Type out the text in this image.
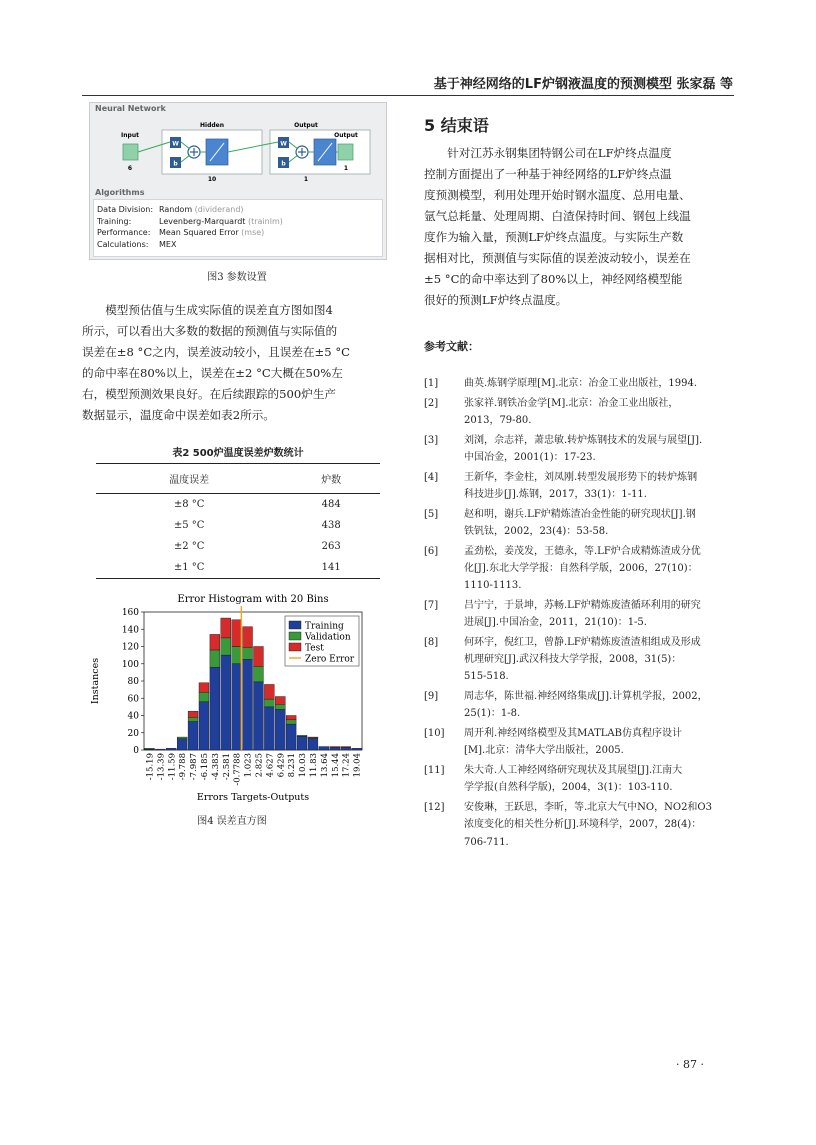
基于神经网络的LF炉钢液温度的预测模型 张家磊 等
Neural Network
Input
6
Hidden
W
b
10
Output
W
b
1
Output
1
Algorithms
Data Division: Random (dividerand)
Training:	Levenberg-Marquardt (trainlm)
Performance: Mean Squared Error (mse)
Calculations: MEX
图3 参数设置
模型预估值与生成实际值的误差直方图如图4
所示，可以看出大多数的数据的预测值与实际值的
误差在±8 °C之内，误差波动较小，且误差在±5 °C
的命中率在80%以上，误差在±2 °C大概在50%左
右，模型预测效果良好。在后续跟踪的500炉生产
数据显示，温度命中误差如表2所示。
表2 500炉温度误差炉数统计
温度误差	炉数
±8 °C	484
±5 °C	438
±2 °C	263
±1 °C	141
Error Histogram with 20 Bins
0
20
40
60
80
100
120
140
160
-15.19 -13.39 -11.59 -9.788 -7.987 -6.185 -4.383 -2.581 -0.7788 1.023 2.825 4.627 6.429 8.231 10.03 11.83 13.64 15.44 17.24 19.04
Training
Validation
Test
Zero Error
Errors Targets-Outputs
Instances
图4 误差直方图
5 结束语
针对江苏永钢集团特钢公司在LF炉终点温度
控制方面提出了一种基于神经网络的LF炉终点温
度预测模型，利用处理开始时钢水温度、总用电量、
氩气总耗量、处理周期、白渣保持时间、钢包上线温
度作为输入量，预测LF炉终点温度。与实际生产数
据相对比，预测值与实际值的误差波动较小，误差在
±5 °C的命中率达到了80%以上，神经网络模型能
很好的预测LF炉终点温度。
参考文献：
[1]	曲英.炼钢学原理[M].北京：冶金工业出版社，1994.
[2]	张家祥.钢铁冶金学[M].北京：冶金工业出版社，
2013，79-80.
[3]	刘浏，佘志祥，萧忠敏.转炉炼钢技术的发展与展望[J].
中国冶金，2001(1)：17-23.
[4]	王新华，李金柱，刘凤刚.转型发展形势下的转炉炼钢
科技进步[J].炼钢，2017，33(1)：1-11.
[5]	赵和明，谢兵.LF炉精炼渣冶金性能的研究现状[J].钢
铁钒钛，2002，23(4)：53-58.
[6]	孟劲松，姜茂发，王德永，等.LF炉合成精炼渣成分优
化[J].东北大学学报：自然科学版，2006，27(10)：
1110-1113.
[7]	吕宁宁，于景坤，苏畅.LF炉精炼废渣循环利用的研究
进展[J].中国冶金，2011，21(10)：1-5.
[8]	何环宇，倪红卫，曾静.LF炉精炼废渣渣相组成及形成
机理研究[J].武汉科技大学学报，2008，31(5)：
515-518.
[9]	周志华，陈世福.神经网络集成[J].计算机学报，2002，
25(1)：1-8.
[10] 周开利.神经网络模型及其MATLAB仿真程序设计
[M].北京：清华大学出版社，2005.
[11] 朱大奇.人工神经网络研究现状及其展望[J].江南大
学学报(自然科学版)，2004，3(1)：103-110.
[12] 安俊琳，王跃思，李昕，等.北京大气中NO，NO2和O3
浓度变化的相关性分析[J].环境科学，2007，28(4)：
706-711.
· 87 ·
